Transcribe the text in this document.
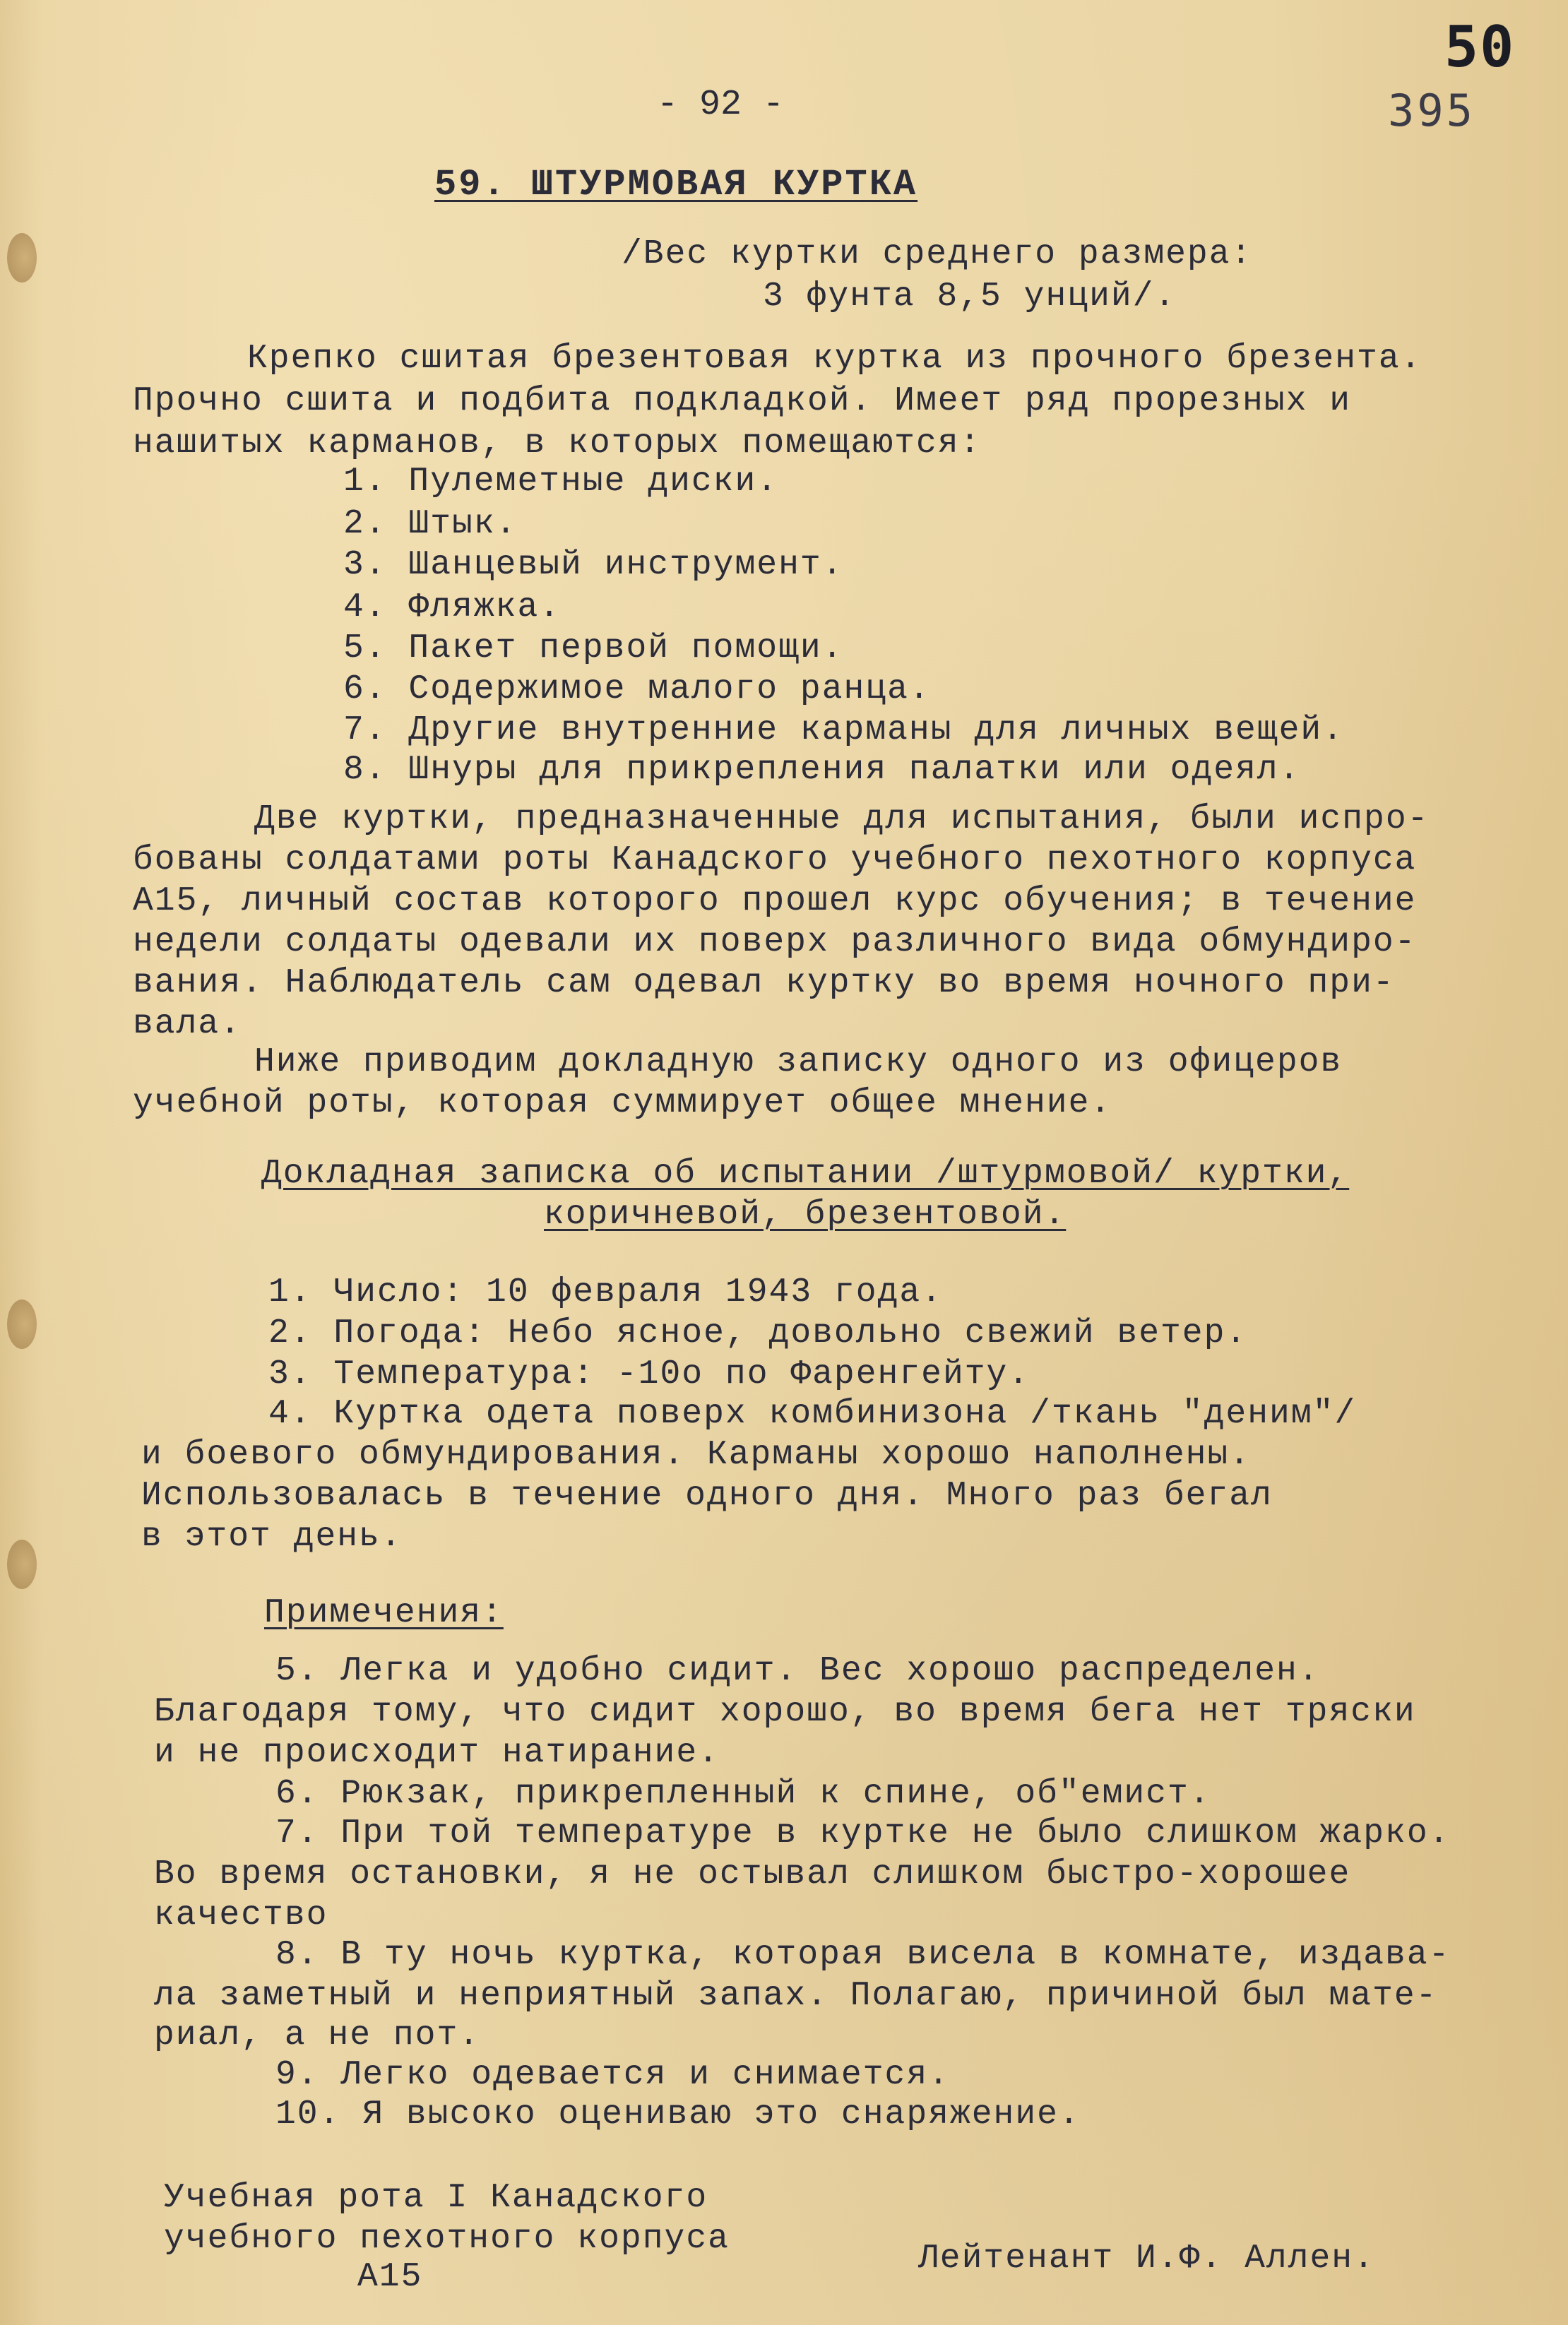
50
395
- 92 -
59. ШТУРМОВАЯ КУРТКА
/Вес куртки среднего размера:
3 фунта 8,5 унций/.
Крепко сшитая брезентовая куртка из прочного брезента.
Прочно сшита и подбита подкладкой. Имеет ряд прорезных и
нашитых карманов, в которых помещаются:
1. Пулеметные диски.
2. Штык.
3. Шанцевый инструмент.
4. Фляжка.
5. Пакет первой помощи.
6. Содержимое малого ранца.
7. Другие внутренние карманы для личных вещей.
8. Шнуры для прикрепления палатки или одеял.
Две куртки, предназначенные для испытания, были испро-
бованы солдатами роты Канадского учебного пехотного корпуса
А15, личный состав которого прошел курс обучения; в течение
недели солдаты одевали их поверх различного вида обмундиро-
вания. Наблюдатель сам одевал куртку во время ночного при-
вала.
Ниже приводим докладную записку одного из офицеров
учебной роты, которая суммирует общее мнение.
Докладная записка об испытании /штурмовой/ куртки,
коричневой, брезентовой.
1. Число: 10 февраля 1943 года.
2. Погода: Небо ясное, довольно свежий ветер.
3. Температура: -10о по Фаренгейту.
4. Куртка одета поверх комбинизона /ткань "деним"/
и боевого обмундирования. Карманы хорошо наполнены.
Использовалась в течение одного дня. Много раз бегал
в этот день.
Примечения:
5. Легка и удобно сидит. Вес хорошо распределен.
Благодаря тому, что сидит хорошо, во время бега нет тряски
и не происходит натирание.
6. Рюкзак, прикрепленный к спине, об"емист.
7. При той температуре в куртке не было слишком жарко.
Во время остановки, я не остывал слишком быстро-хорошее
качество
8. В ту ночь куртка, которая висела в комнате, издава-
ла заметный и неприятный запах. Полагаю, причиной был мате-
риал, а не пот.
9. Легко одевается и снимается.
10. Я высоко оцениваю это снаряжение.
Учебная рота I Канадского
учебного пехотного корпуса
А15	Лейтенант И.Ф. Аллен.
